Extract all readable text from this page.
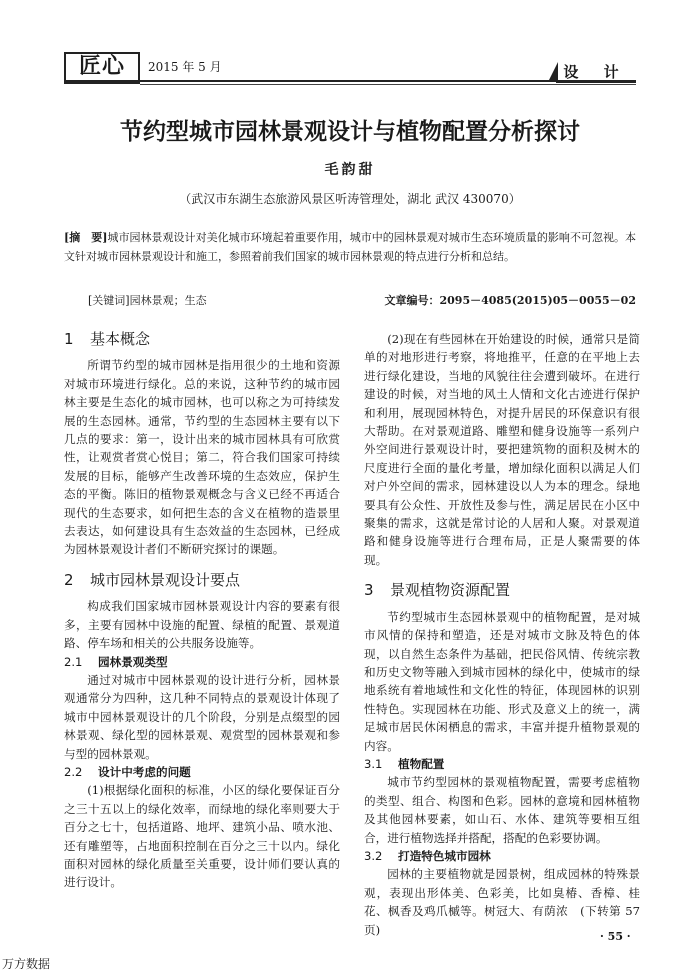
匠心	2015 年 5 月	设 计
节约型城市园林景观设计与植物配置分析探讨
毛韵甜
（武汉市东湖生态旅游风景区听涛管理处，湖北 武汉 430070）
[摘　要]城市园林景观设计对美化城市环境起着重要作用，城市中的园林景观对城市生态环境质量的影响不可忽视。本文针对城市园林景观设计和施工，参照着前我们国家的城市园林景观的特点进行分析和总结。
[关键词]园林景观；生态	文章编号：2095－4085(2015)05－0055－02
1 基本概念

所谓节约型的城市园林是指用很少的土地和资源对城市环境进行绿化。总的来说，这种节约的城市园林主要是生态化的城市园林，也可以称之为可持续发展的生态园林。通常，节约型的生态园林主要有以下几点的要求：第一，设计出来的城市园林具有可欣赏性，让观赏者赏心悦目；第二，符合我们国家可持续发展的目标，能够产生改善环境的生态效应，保护生态的平衡。陈旧的植物景观概念与含义已经不再适合现代的生态要求，如何把生态的含义在植物的造景里去表达，如何建设具有生态效益的生态园林，已经成为园林景观设计者们不断研究探讨的课题。

2 城市园林景观设计要点

构成我们国家城市园林景观设计内容的要素有很多，主要有园林中设施的配置、绿植的配置、景观道路、停车场和相关的公共服务设施等。

2.1 园林景观类型

通过对城市中园林景观的设计进行分析，园林景观通常分为四种，这几种不同特点的景观设计体现了城市中园林景观设计的几个阶段，分别是点缀型的园林景观、绿化型的园林景观、观赏型的园林景观和参与型的园林景观。

2.2 设计中考虑的问题

(1)根据绿化面积的标准，小区的绿化要保证百分之三十五以上的绿化效率，而绿地的绿化率则要大于百分之七十，包括道路、地坪、建筑小品、喷水池、还有雕塑等，占地面积控制在百分之三十以内。绿化面积对园林的绿化质量至关重要，设计师们要认真的进行设计。

(2)现在有些园林在开始建设的时候，通常只是简单的对地形进行考察，将地推平，任意的在平地上去进行绿化建设，当地的风貌往往会遭到破坏。在进行建设的时候，对当地的风土人情和文化古迹进行保护和利用，展现园林特色，对提升居民的环保意识有很大帮助。在对景观道路、雕塑和健身设施等一系列户外空间进行景观设计时，要把建筑物的面积及树木的尺度进行全面的量化考量，增加绿化面积以满足人们对户外空间的需求，园林建设以人为本的理念。绿地要具有公众性、开放性及参与性，满足居民在小区中聚集的需求，这就是常讨论的人居和人聚。对景观道路和健身设施等进行合理布局，正是人聚需要的体现。

3 景观植物资源配置

节约型城市生态园林景观中的植物配置，是对城市风情的保持和塑造，还是对城市文脉及特色的体现，以自然生态条件为基础，把民俗风情、传统宗教和历史文物等融入到城市园林的绿化中，使城市的绿地系统有着地域性和文化性的特征，体现园林的识别性特色。实现园林在功能、形式及意义上的统一，满足城市居民休闲栖息的需求，丰富并提升植物景观的内容。

3.1 植物配置

城市节约型园林的景观植物配置，需要考虑植物的类型、组合、构图和色彩。园林的意境和园林植物及其他园林要素，如山石、水体、建筑等要相互组合，进行植物选择并搭配，搭配的色彩要协调。

3.2 打造特色城市园林

园林的主要植物就是园景树，组成园林的特殊景观，表现出形体美、色彩美，比如臭椿、香樟、桂花、枫香及鸡爪槭等。树冠大、有荫浓　(下转第 57 页)	· 55 ·
万方数据
